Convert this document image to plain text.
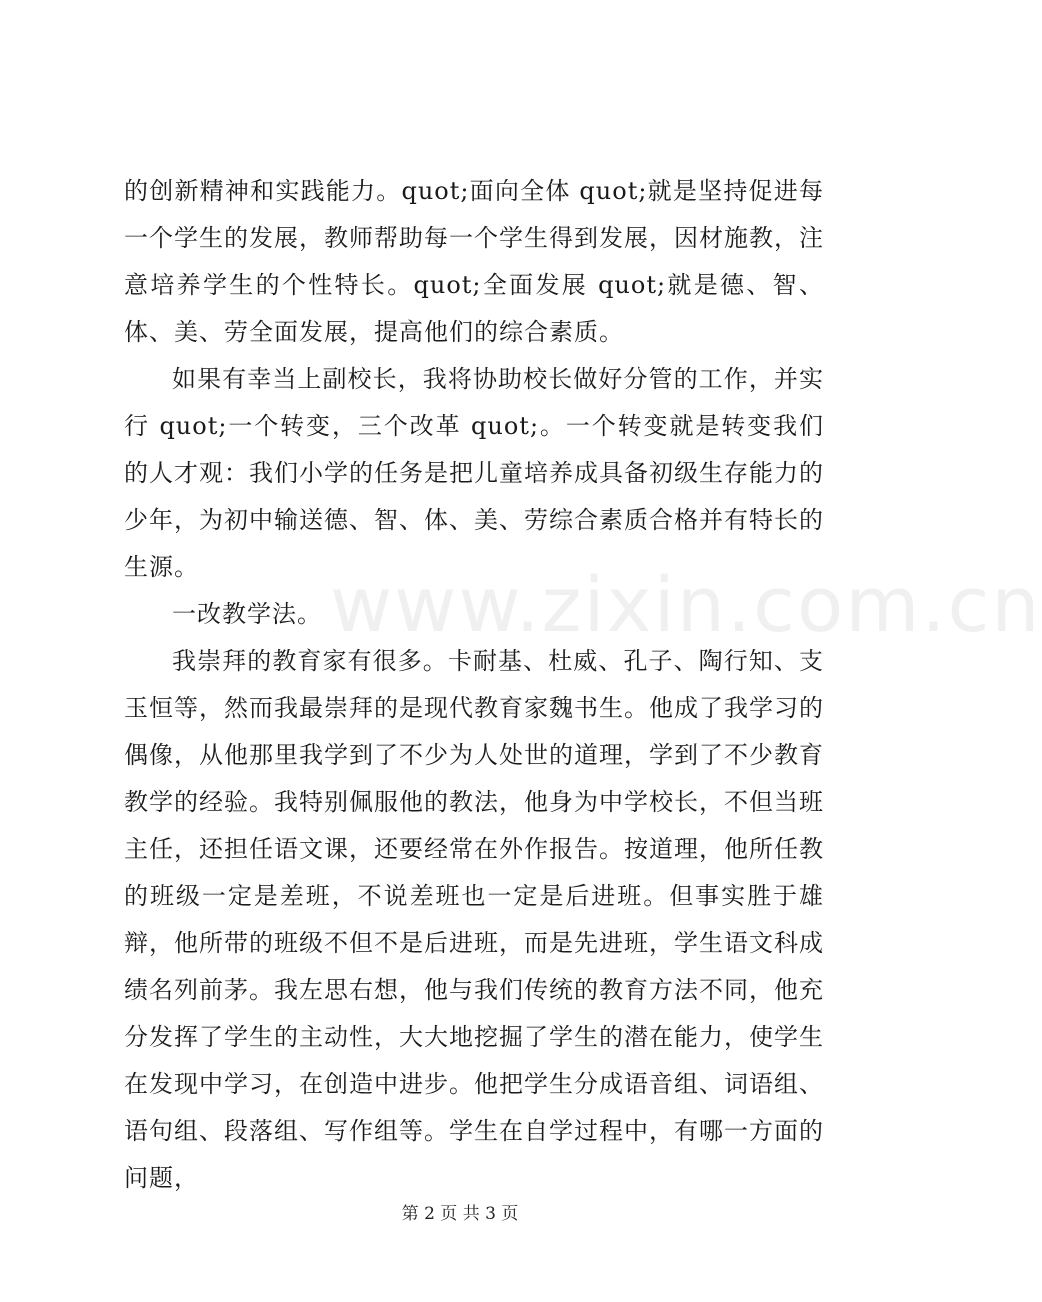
www.zixin.com.cn

的创新精神和实践能力。quot;面向全体 quot;就是坚持促进每一个学生的发展，教师帮助每一个学生得到发展，因材施教，注意培养学生的个性特长。quot;全面发展 quot;就是德、智、体、美、劳全面发展，提高他们的综合素质。

如果有幸当上副校长，我将协助校长做好分管的工作，并实行 quot;一个转变，三个改革 quot;。一个转变就是转变我们的人才观：我们小学的任务是把儿童培养成具备初级生存能力的少年，为初中输送德、智、体、美、劳综合素质合格并有特长的生源。

一改教学法。

我崇拜的教育家有很多。卡耐基、杜威、孔子、陶行知、支玉恒等，然而我最崇拜的是现代教育家魏书生。他成了我学习的偶像，从他那里我学到了不少为人处世的道理，学到了不少教育教学的经验。我特别佩服他的教法，他身为中学校长，不但当班主任，还担任语文课，还要经常在外作报告。按道理，他所任教的班级一定是差班，不说差班也一定是后进班。但事实胜于雄辩，他所带的班级不但不是后进班，而是先进班，学生语文科成绩名列前茅。我左思右想，他与我们传统的教育方法不同，他充分发挥了学生的主动性，大大地挖掘了学生的潜在能力，使学生在发现中学习，在创造中进步。他把学生分成语音组、词语组、语句组、段落组、写作组等。学生在自学过程中，有哪一方面的问题，

第 2 页 共 3 页
